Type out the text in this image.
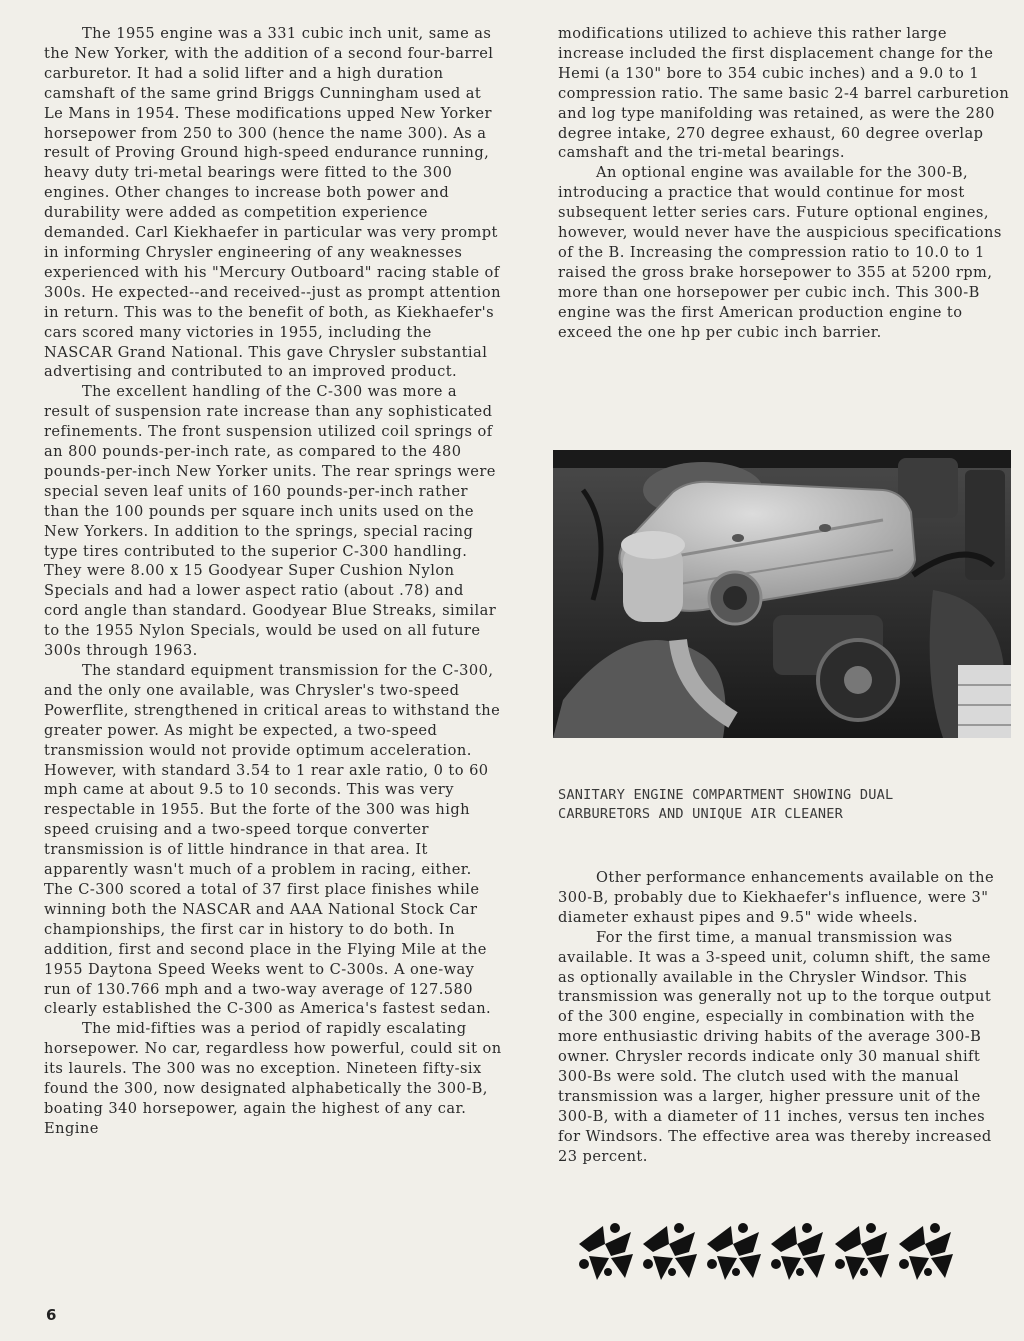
The 1955 engine was a 331 cubic inch unit, same as the New Yorker, with the addition of a second four-barrel carburetor. It had a solid lifter and a high duration camshaft of the same grind Briggs Cunningham used at Le Mans in 1954. These modifications upped New Yorker horsepower from 250 to 300 (hence the name 300). As a result of Proving Ground high-speed endurance running, heavy duty tri-metal bearings were fitted to the 300 engines. Other changes to increase both power and durability were added as competition experience demanded. Carl Kiekhaefer in particular was very prompt in informing Chrysler engineering of any weaknesses experienced with his "Mercury Outboard" racing stable of 300s. He expected--and received--just as prompt attention in return. This was to the benefit of both, as Kiekhaefer's cars scored many victories in 1955, including the NASCAR Grand National. This gave Chrysler substantial advertising and contributed to an improved product.

The excellent handling of the C-300 was more a result of suspension rate increase than any sophisticated refinements. The front suspension utilized coil springs of an 800 pounds-per-inch rate, as compared to the 480 pounds-per-inch New Yorker units. The rear springs were special seven leaf units of 160 pounds-per-inch rather than the 100 pounds per square inch units used on the New Yorkers. In addition to the springs, special racing type tires contributed to the superior C-300 handling. They were 8.00 x 15 Goodyear Super Cushion Nylon Specials and had a lower aspect ratio (about .78) and cord angle than standard. Goodyear Blue Streaks, similar to the 1955 Nylon Specials, would be used on all future 300s through 1963.

The standard equipment transmission for the C-300, and the only one available, was Chrysler's two-speed Powerflite, strengthened in critical areas to withstand the greater power. As might be expected, a two-speed transmission would not provide optimum acceleration. However, with standard 3.54 to 1 rear axle ratio, 0 to 60 mph came at about 9.5 to 10 seconds. This was very respectable in 1955. But the forte of the 300 was high speed cruising and a two-speed torque converter transmission is of little hindrance in that area. It apparently wasn't much of a problem in racing, either. The C-300 scored a total of 37 first place finishes while winning both the NASCAR and AAA National Stock Car championships, the first car in history to do both. In addition, first and second place in the Flying Mile at the 1955 Daytona Speed Weeks went to C-300s. A one-way run of 130.766 mph and a two-way average of 127.580 clearly established the C-300 as America's fastest sedan.

The mid-fifties was a period of rapidly escalating horsepower. No car, regardless how powerful, could sit on its laurels. The 300 was no exception. Nineteen fifty-six found the 300, now designated alphabetically the 300-B, boating 340 horsepower, again the highest of any car. Engine

modifications utilized to achieve this rather large increase included the first displacement change for the Hemi (a 130" bore to 354 cubic inches) and a 9.0 to 1 compression ratio. The same basic 2-4 barrel carburetion and log type manifolding was retained, as were the 280 degree intake, 270 degree exhaust, 60 degree overlap camshaft and the tri-metal bearings.

An optional engine was available for the 300-B, introducing a practice that would continue for most subsequent letter series cars. Future optional engines, however, would never have the auspicious specifications of the B. Increasing the compression ratio to 10.0 to 1 raised the gross brake horsepower to 355 at 5200 rpm, more than one horsepower per cubic inch. This 300-B engine was the first American production engine to exceed the one hp per cubic inch barrier.

SANITARY ENGINE COMPARTMENT SHOWING DUAL
CARBURETORS AND UNIQUE AIR CLEANER

Other performance enhancements available on the 300-B, probably due to Kiekhaefer's influence, were 3" diameter exhaust pipes and 9.5" wide wheels.

For the first time, a manual transmission was available. It was a 3-speed unit, column shift, the same as optionally available in the Chrysler Windsor. This transmission was generally not up to the torque output of the 300 engine, especially in combination with the more enthusiastic driving habits of the average 300-B owner. Chrysler records indicate only 30 manual shift 300-Bs were sold. The clutch used with the manual transmission was a larger, higher pressure unit of the 300-B, with a diameter of 11 inches, versus ten inches for Windsors. The effective area was thereby increased 23 percent.

6
